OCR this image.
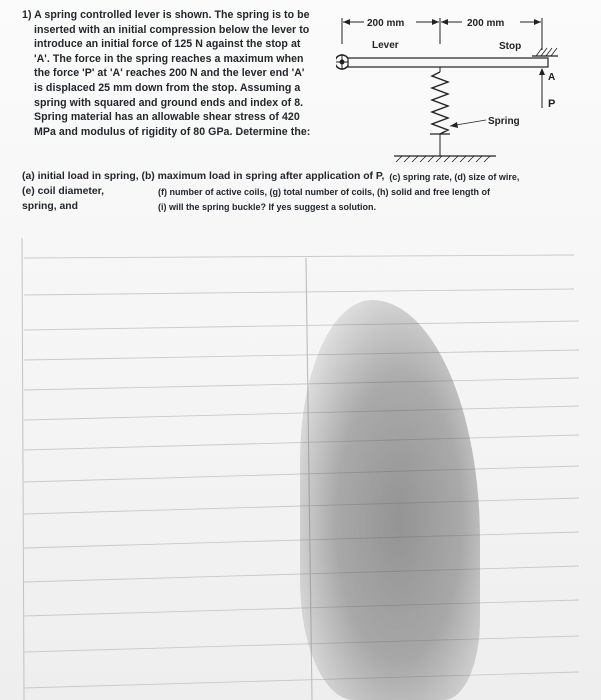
1) A spring controlled lever is shown. The spring is to be
inserted with an initial compression below the lever to
introduce an initial force of 125 N against the stop at
'A'. The force in the spring reaches a maximum when
the force 'P' at 'A' reaches 200 N and the lever end 'A'
is displaced 25 mm down from the stop. Assuming a
spring with squared and ground ends and index of 8.
Spring material has an allowable shear stress of 420
MPa and modulus of rigidity of 80 GPa. Determine the:
200 mm	200 mm
Lever	Stop
A
P
Spring
(a) initial load in spring, (b) maximum load in spring after application of P, (c) spring rate, (d) size of wire,
(e) coil diameter,	(f) number of active coils, (g) total number of coils, (h) solid and free length of
spring, and	(i) will the spring buckle? If yes suggest a solution.
